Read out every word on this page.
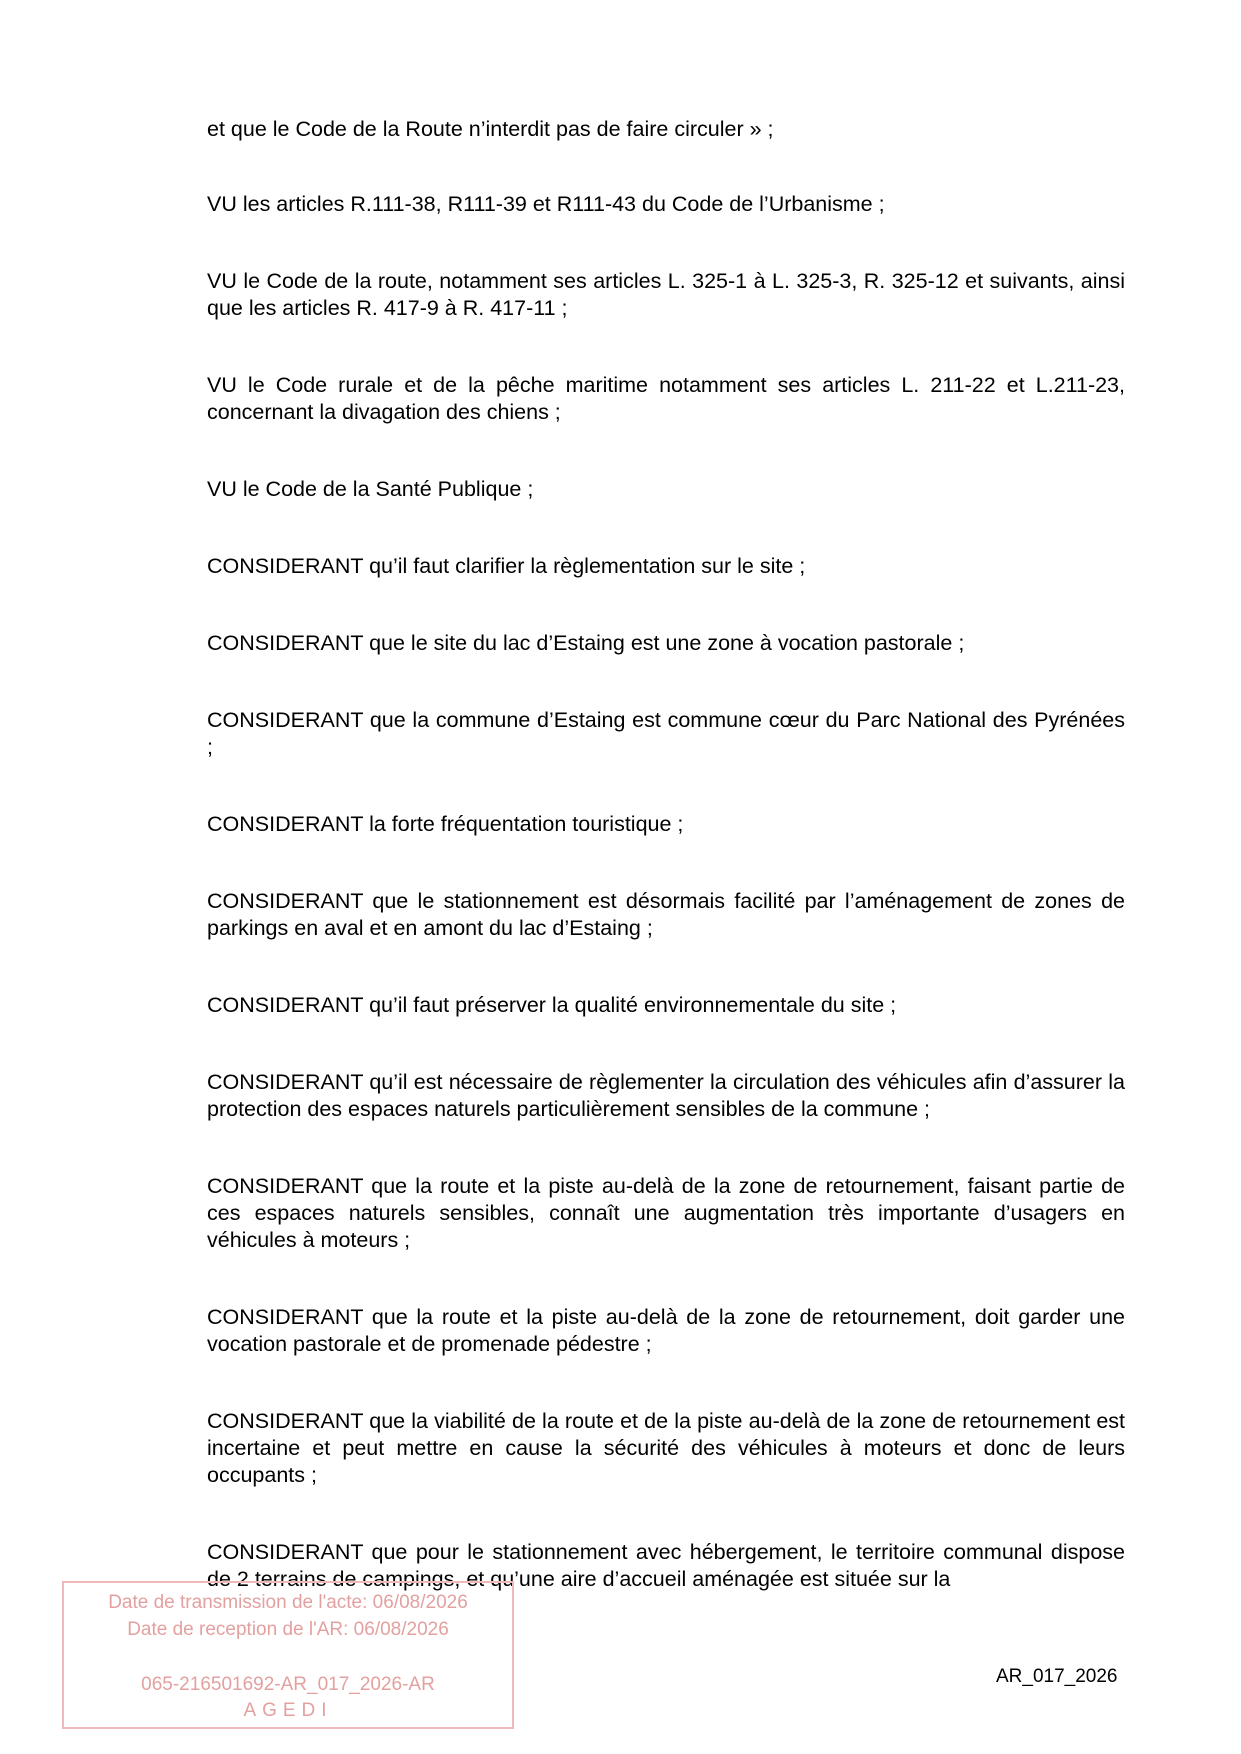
et que le Code de la Route n’interdit pas de faire circuler » ;

VU les articles R.111-38, R111-39 et R111-43 du Code de l’Urbanisme ;

VU le Code de la route, notamment ses articles L. 325-1 à L. 325-3, R. 325-12 et suivants, ainsi que les articles R. 417-9 à R. 417-11 ;

VU le Code rurale et de la pêche maritime notamment ses articles L. 211-22 et L.211-23, concernant la divagation des chiens ;

VU le Code de la Santé Publique ;

CONSIDERANT qu’il faut clarifier la règlementation sur le site ;

CONSIDERANT que le site du lac d’Estaing est une zone à vocation pastorale ;

CONSIDERANT que la commune d’Estaing est commune cœur du Parc National des Pyrénées ;

CONSIDERANT la forte fréquentation touristique ;

CONSIDERANT que le stationnement est désormais facilité par l’aménagement de zones de parkings en aval et en amont du lac d’Estaing ;

CONSIDERANT qu’il faut préserver la qualité environnementale du site ;

CONSIDERANT qu’il est nécessaire de règlementer la circulation des véhicules afin d’assurer la protection des espaces naturels particulièrement sensibles de la commune ;

CONSIDERANT que la route et la piste au-delà de la zone de retournement, faisant partie de ces espaces naturels sensibles, connaît une augmentation très importante d’usagers en véhicules à moteurs ;

CONSIDERANT que la route et la piste au-delà de la zone de retournement, doit garder une vocation pastorale et de promenade pédestre ;

CONSIDERANT que la viabilité de la route et de la piste au-delà de la zone de retournement est incertaine et peut mettre en cause la sécurité des véhicules à moteurs et donc de leurs occupants ;

CONSIDERANT que pour le stationnement avec hébergement, le territoire communal dispose de 2 terrains de campings, et qu’une aire d’accueil aménagée est située sur la

Date de transmission de l'acte: 06/08/2026
Date de reception de l'AR: 06/08/2026
065-216501692-AR_017_2026-AR
AGEDI
AR_017_2026
